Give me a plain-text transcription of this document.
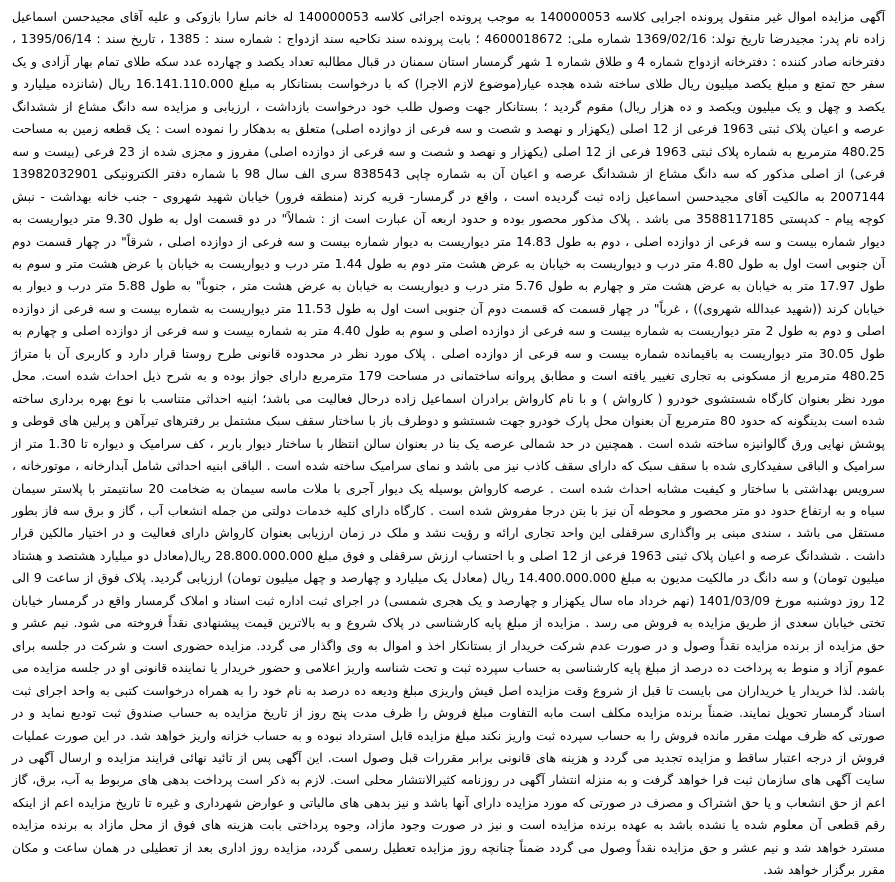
آگهی مزایده اموال غیر منقول پرونده اجرایی کلاسه 140000053 به موجب پرونده اجرائی کلاسه 140000053 له خانم سارا بازوکی و علیه آقای مجیدحسن اسماعیل زاده نام پدر: مجیدرضا تاریخ تولد: 1369/02/16 شماره ملی: 4600018672 ؛ بابت پرونده سند نکاحیه سند ازدواج : شماره سند : 1385 ، تاریخ سند : 1395/06/14 ، دفترخانه صادر کننده : دفترخانه ازدواج شماره 4 و طلاق شماره 1 شهر گرمسار استان سمنان در قبال مطالبه تعداد یکصد و چهارده عدد سکه طلای تمام بهار آزادی و یک سفر حج تمتع و مبلغ یکصد میلیون ریال طلای ساخته شده هجده عیار(موضوع لازم الاجرا) که با درخواست بستانکار به مبلغ 16.141.110.000 ریال (شانزده میلیارد و یکصد و چهل و یک میلیون ویکصد و ده هزار ریال) مقوم گردید ؛ بستانکار جهت وصول طلب خود درخواست بازداشت ، ارزیابی و مزایده سه دانگ مشاع از ششدانگ عرصه و اعیان پلاک ثبتی 1963 فرعی از 12 اصلی (یکهزار و نهصد و شصت و سه فرعی از دوازده اصلی) متعلق به بدهکار را نموده است : یک قطعه زمین به مساحت 480.25 مترمربع به شماره پلاک ثبتی 1963 فرعی از 12 اصلی (یکهزار و نهصد و شصت و سه فرعی از دوازده اصلی) مفروز و مجزی شده از 23 فرعی (بیست و سه فرعی) از اصلی مذکور که سه دانگ مشاع از ششدانگ عرصه و اعیان آن به شماره چاپی 838543 سری الف سال 98 با شماره دفتر الکترونیکی 13982032901​2007144 به مالکیت آقای مجیدحسن اسماعیل زاده ثبت گردیده است ، واقع در گرمسار- قریه کرند (منطقه فرور) خیابان شهید شهروی - جنب خانه بهداشت - نبش کوچه پیام - کدپستی 3588117185 می باشد . پلاک مذکور محصور بوده و حدود اربعه آن عبارت است از : شمالاً" در دو قسمت اول به طول 9.30 متر دیواریست به دیوار شماره بیست و سه فرعی از دوازده اصلی ، دوم به طول 14.83 متر دیواریست به دیوار شماره بیست و سه فرعی از دوازده اصلی ، شرقاً" در چهار قسمت دوم آن جنوبی است اول به طول 4.80 متر درب و دیواریست به خیابان به عرض هشت متر دوم به طول 1.44 متر درب و دیواریست به خیابان با عرض هشت متر و سوم به طول 17.97 متر به خیابان به عرض هشت متر و چهارم به طول 5.76 متر درب و دیواریست به خیابان به عرض هشت متر ، جنوباً" به طول 5.88 متر درب و دیوار به خیابان کرند ((شهید عبدالله شهروی)) ، غرباً" در چهار قسمت که قسمت دوم آن جنوبی است اول به طول 11.53 متر دیواریست به شماره بیست و سه فرعی از دوازده اصلی و دوم به طول 2 متر دیواریست به شماره بیست و سه فرعی از دوازده اصلی و سوم به طول 4.40 متر به شماره بیست و سه فرعی از دوازده اصلی و چهارم به طول 30.05 متر دیواریست به باقیمانده شماره بیست و سه فرعی از دوازده اصلی . پلاک مورد نظر در محدوده قانونی طرح روستا قرار دارد و کاربری آن با متراژ 480.25 مترمربع از مسکونی به تجاری تغییر یافته است و مطابق پروانه ساختمانی در مساحت 179 مترمربع دارای جواز بوده و به شرح ذیل احداث شده است. محل مورد نظر بعنوان کارگاه شستشوی خودرو ( کارواش ) و با نام کارواش برادران اسماعیل زاده درحال فعالیت می باشد؛ ابنیه احداثی متناسب با نوع بهره برداری ساخته شده است بدینگونه که حدود 80 مترمربع آن بعنوان محل پارک خودرو جهت شستشو و دوطرف باز با ساختار سقف سبک مشتمل بر رفترهای تیرآهن و پرلین های قوطی و پوشش نهایی ورق گالوانیزه ساخته شده است . همچنین در حد شمالی عرصه یک بنا در بعنوان سالن انتظار با ساختار دیوار باربر ، کف سرامیک و دیواره تا 1.30 متر از سرامیک و الباقی سفیدکاری شده با سقف سبک که دارای سقف کاذب نیز می باشد و نمای سرامیک ساخته شده است . الباقی ابنیه احداثی شامل آبدارخانه ، موتورخانه ، سرویس بهداشتی با ساختار و کیفیت مشابه احداث شده است . عرصه کارواش بوسیله یک دیوار آجری با ملات ماسه سیمان به ضخامت 20 سانتیمتر با پلاستر سیمان سیاه و به ارتفاع حدود دو متر محصور و محوطه آن نیز با بتن درجا مفروش شده است . کارگاه دارای کلیه خدمات دولتی من جمله انشعاب آب ، گاز و برق سه فاز بطور مستقل می باشد ، سندی مبنی بر واگذاری سرقفلی این واحد تجاری ارائه و رؤیت نشد و ملک در زمان ارزیابی بعنوان کارواش دارای فعالیت و در اختیار مالکین قرار داشت . ششدانگ عرصه و اعیان پلاک ثبتی 1963 فرعی از 12 اصلی و با احتساب ارزش سرقفلی و فوق مبلغ 28.800.000.000 ریال(معادل دو میلیارد هشتصد و هشتاد میلیون تومان) و سه دانگ در مالکیت مدیون به مبلغ 14.400.000.000 ریال (معادل یک میلیارد و چهارصد و چهل میلیون تومان) ارزیابی گردید. پلاک فوق از ساعت 9 الی 12 روز دوشنبه مورخ 1401/03/09 (نهم خرداد ماه سال یکهزار و چهارصد و یک هجری شمسی) در اجرای ثبت اداره ثبت اسناد و املاک گرمسار واقع در گرمسار خیابان تختی خیابان سعدی از طریق مزایده به فروش می رسد . مزایده از مبلغ پایه کارشناسی در پلاک شروع و به بالاترین قیمت پیشنهادی نقداً فروخته می شود. نیم عشر و حق مزایده از برنده مزایده نقداً وصول و در صورت عدم شرکت خریدار از بستانکار اخذ و اموال به وی واگذار می گردد. مزایده حضوری است و شرکت در جلسه برای عموم آزاد و منوط به پرداخت ده درصد از مبلغ پایه کارشناسی به حساب سپرده ثبت و تحت شناسه واریز اعلامی و حضور خریدار یا نماینده قانونی او در جلسه مزایده می باشد. لذا خریدار یا خریداران می بایست تا قبل از شروع وقت مزایده اصل فیش واریزی مبلغ ودیعه ده درصد به نام خود را به همراه درخواست کتبی به واحد اجرای ثبت اسناد گرمسار تحویل نمایند. ضمناً برنده مزایده مکلف است مابه التفاوت مبلغ فروش را ظرف مدت پنج روز از تاریخ مزایده به حساب صندوق ثبت تودیع نماید و در صورتی که ظرف مهلت مقرر مانده فروش را به حساب سپرده ثبت واریز نکند مبلغ مزایده قابل استرداد نبوده و به حساب خزانه واریز خواهد شد. در این صورت عملیات فروش از درجه اعتبار ساقط و مزایده تجدید می گردد و هزینه های قانونی برابر مقررات قبل وصول است. این آگهی پس از تائید نهائی فرایند مزایده و ارسال آگهی در سایت آگهی های سازمان ثبت فرا خواهد گرفت و به منزله انتشار آگهی در روزنامه کثیرالانتشار محلی است. لازم به ذکر است پرداخت بدهی های مربوط به آب، برق، گاز اعم از حق انشعاب و یا حق اشتراک و مصرف در صورتی که مورد مزایده دارای آنها باشد و نیز بدهی های مالیاتی و عوارض شهرداری و غیره تا تاریخ مزایده اعم از اینکه رقم قطعی آن معلوم شده یا نشده باشد به عهده برنده مزایده است و نیز در صورت وجود مازاد، وجوه پرداختی بابت هزینه های فوق از محل مازاد به برنده مزایده مسترد خواهد شد و نیم عشر و حق مزایده نقداً وصول می گردد ضمناً چنانچه روز مزایده تعطیل رسمی گردد، مزایده روز اداری بعد از تعطیلی در همان ساعت و مکان مقرر برگزار خواهد شد.
